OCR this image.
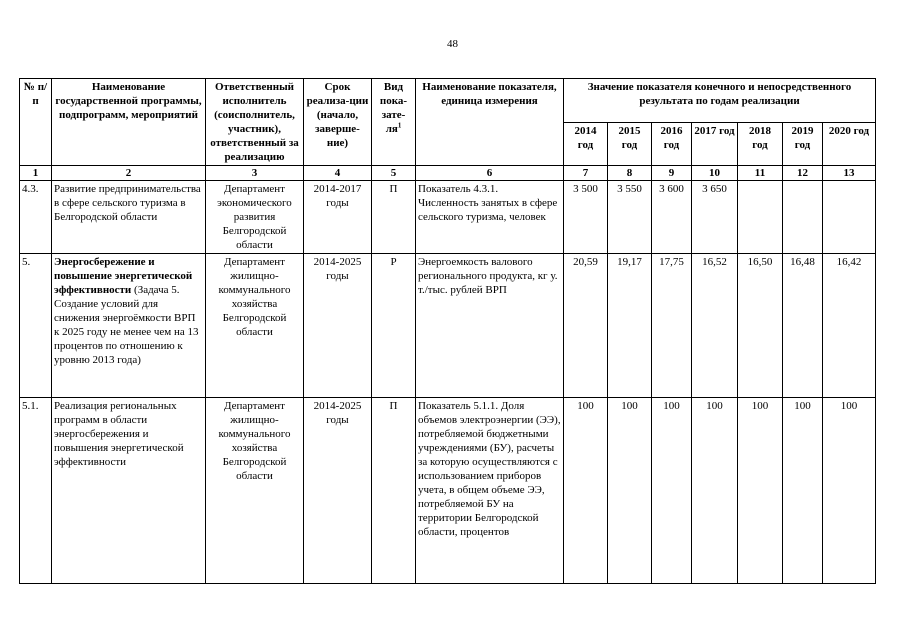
48
№ п/п	Наименование государственной программы, подпрограмм, мероприятий	Ответственный исполнитель (соисполнитель, участник), ответственный за реализацию	Срок реализа-ции (начало, заверше-ние)	Вид пока-$зате-ля^1$	Наименование показателя, единица измерения	Значение показателя конечного и непосредственного результата по годам реализации						
						2014 год	2015 год	2016 год	2017 год	2018 год	2019 год	2020 год
1	2	3	4	5	6	7	8	9	10	11	12	13
4.3.	Развитие предпринимательства в сфере сельского туризма в Белгородской области	Департамент экономического развития Белгородской области	2014-2017 годы	П	Показатель 4.3.1. Численность занятых в сфере сельского туризма, человек	3 500	3 550	3 600	3 650			
5.	Энергосбережение и повышение энергетической эффективности (Задача 5. Создание условий для снижения энергоёмкости ВРП к 2025 году не менее чем на 13 процентов по отношению к уровню 2013 года)	Департамент жилищно-коммунального хозяйства Белгородской области	2014-2025 годы	Р	Энергоемкость валового регионального продукта, кг у. т./тыс. рублей ВРП	20,59	19,17	17,75	16,52	16,50	16,48	16,42
5.1.	Реализация региональных программ в области энергосбережения и повышения энергетической эффективности	Департамент жилищно-коммунального хозяйства Белгородской области	2014-2025 годы	П	Показатель 5.1.1. Доля объемов электроэнергии (ЭЭ), потребляемой бюджетными учреждениями (БУ), расчеты за которую осуществляются с использованием приборов учета, в общем объеме ЭЭ, потребляемой БУ на территории Белгородской области, процентов	100	100	100	100	100	100	100
